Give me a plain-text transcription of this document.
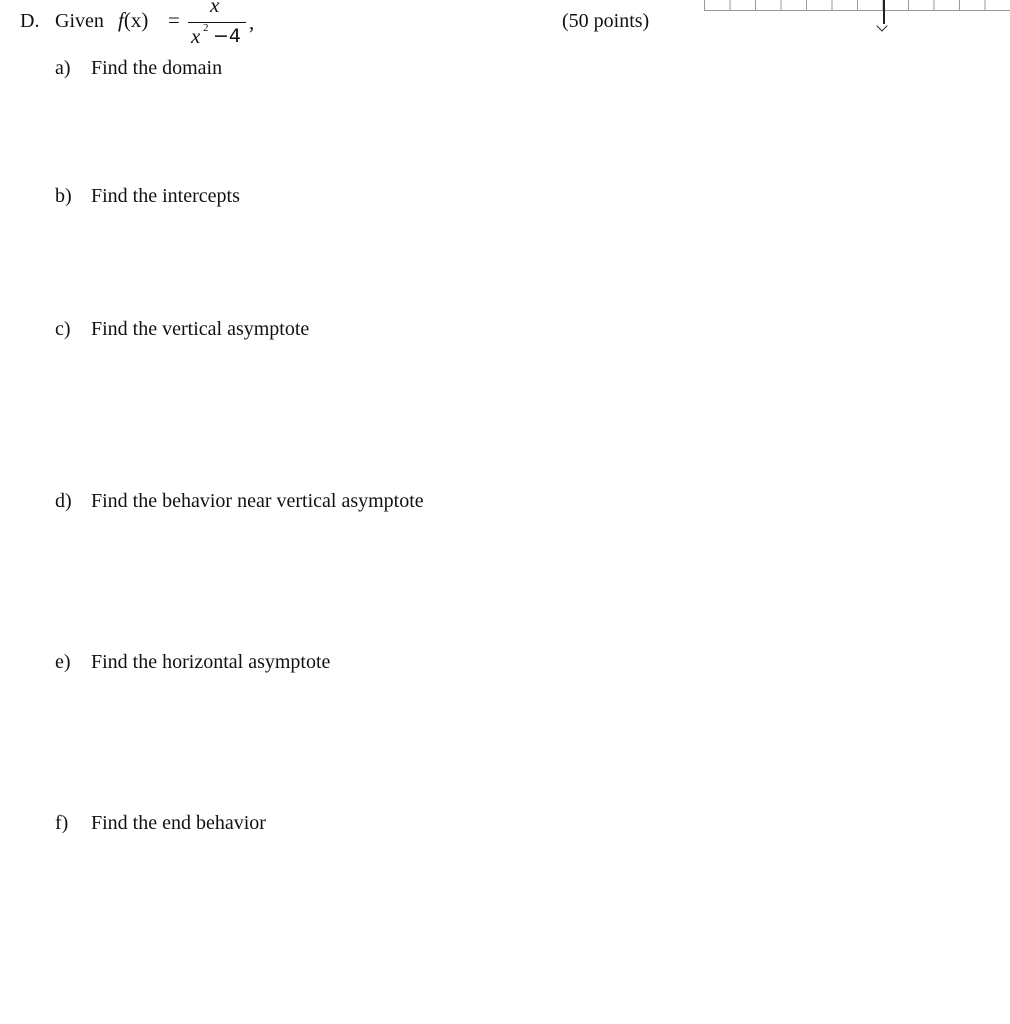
D. Given f(x) =
x
x 2 −4
,	(50 points)
a) Find the domain
b) Find the intercepts
c) Find the vertical asymptote
d) Find the behavior near vertical asymptote
e) Find the horizontal asymptote
f) Find the end behavior
